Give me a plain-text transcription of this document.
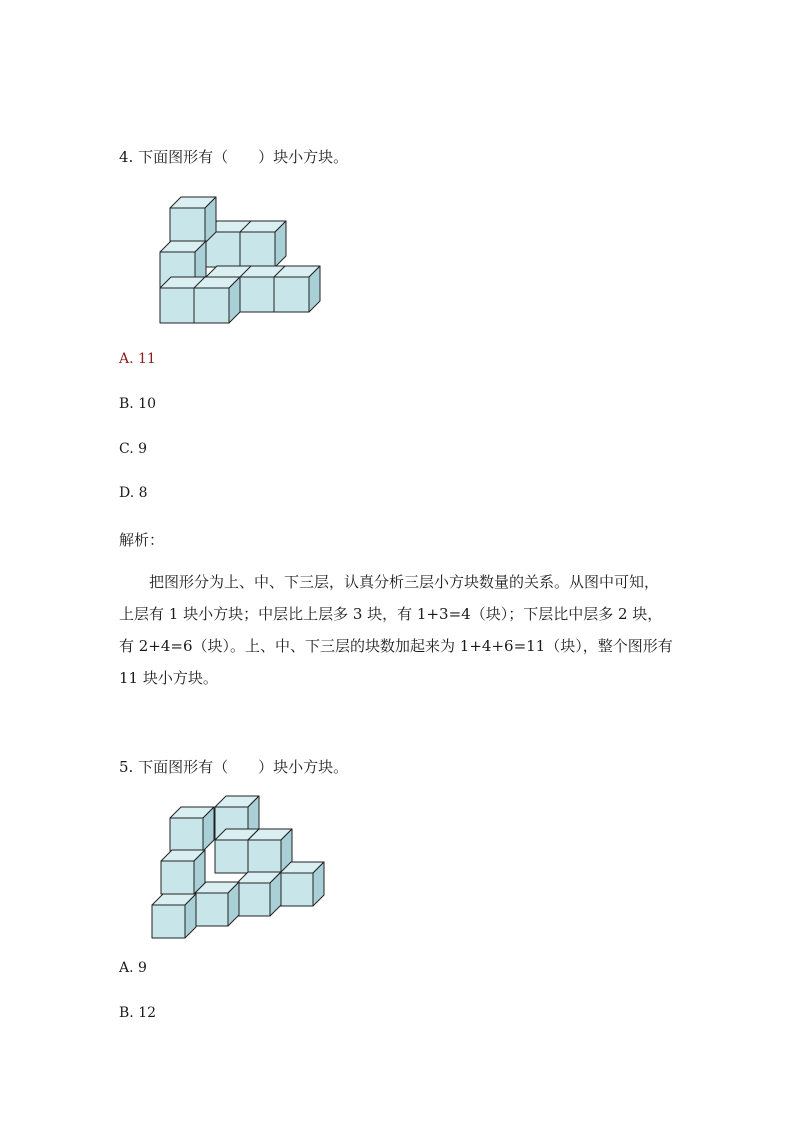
4. 下面图形有（　　）块小方块。
A. 11
B. 10
C. 9
D. 8
解析：
把图形分为上、中、下三层，认真分析三层小方块数量的关系。从图中可知，
上层有 1 块小方块；中层比上层多 3 块，有 1+3=4（块）；下层比中层多 2 块，
有 2+4=6（块）。上、中、下三层的块数加起来为 1+4+6=11（块），整个图形有
11 块小方块。
5. 下面图形有（　　）块小方块。
A. 9
B. 12
